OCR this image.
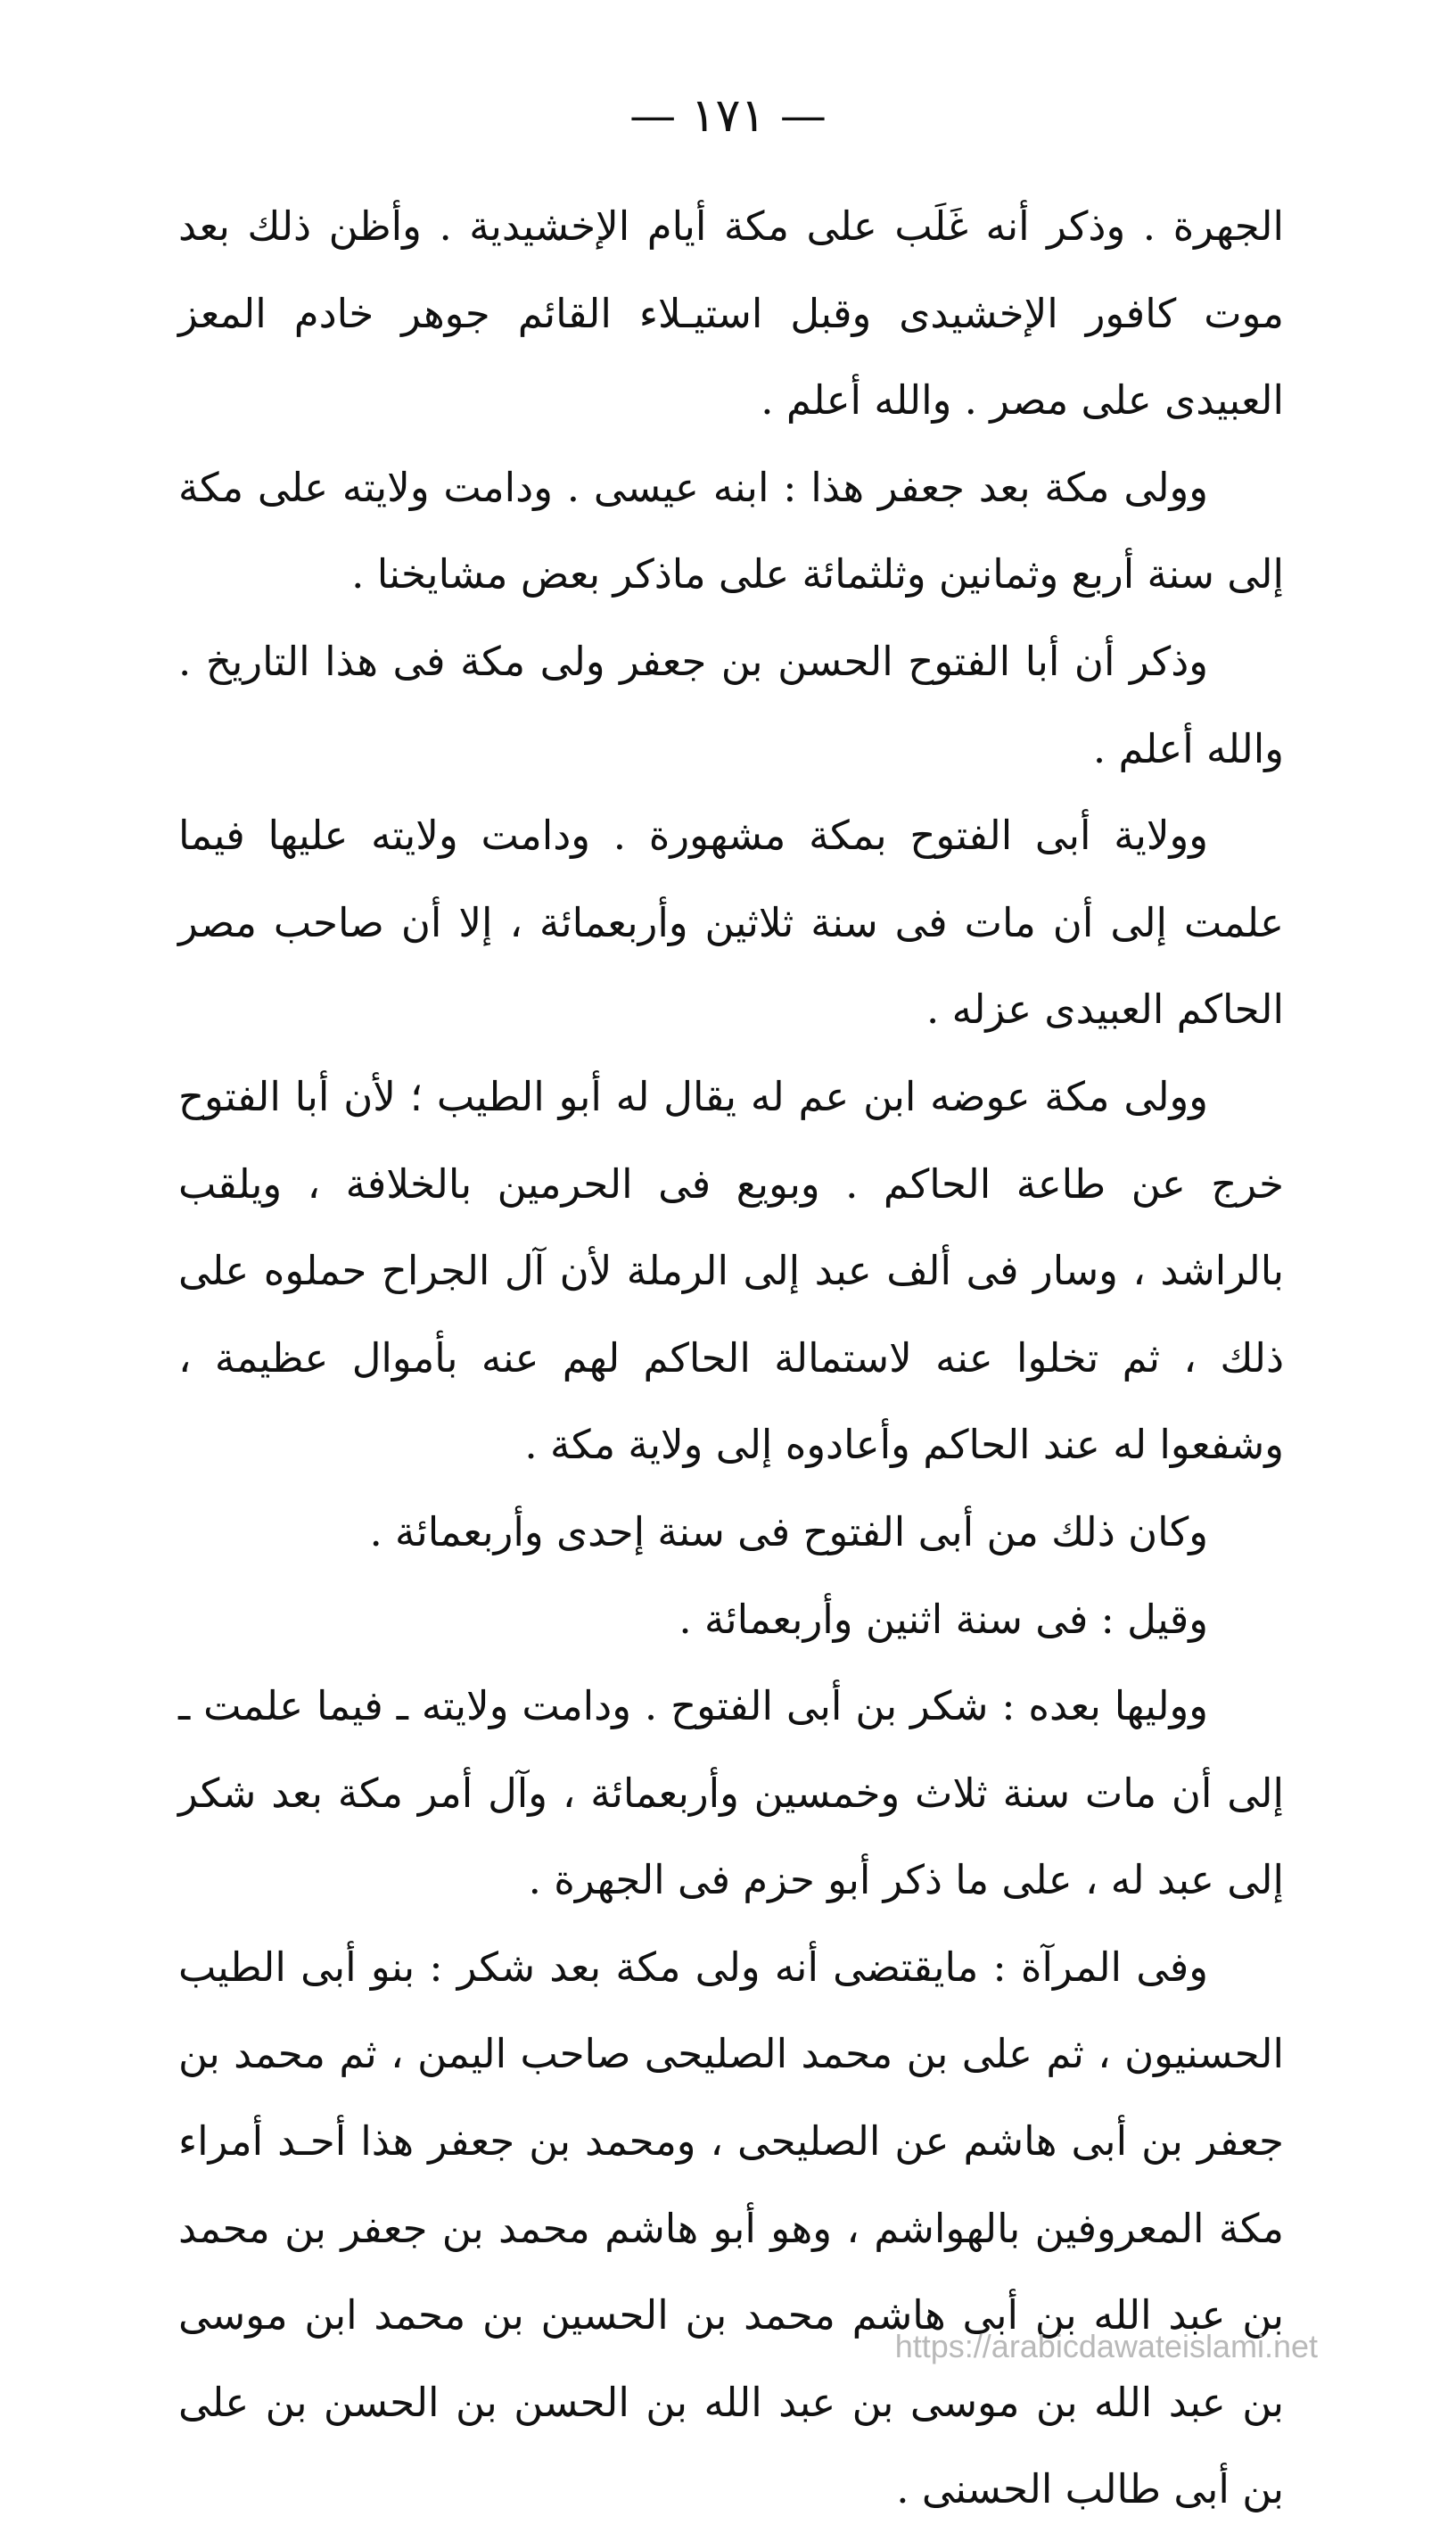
— ١٧١ —

الجهرة . وذكر أنه غَلَب على مكة أيام الإخشيدية . وأظن ذلك بعد موت كافور الإخشيدى وقبل استيـلاء القائم جوهر خادم المعز العبيدى على مصر . والله أعلم .

وولى مكة بعد جعفر هذا : ابنه عيسى . ودامت ولايته على مكة إلى سنة أربع وثمانين وثلثمائة على ماذكر بعض مشايخنا .

وذكر أن أبا الفتوح الحسن بن جعفر ولى مكة فى هذا التاريخ . والله أعلم .

وولاية أبى الفتوح بمكة مشهورة . ودامت ولايته عليها فيما علمت إلى أن مات فى سنة ثلاثين وأربعمائة ، إلا أن صاحب مصر الحاكم العبيدى عزله .

وولى مكة عوضه ابن عم له يقال له أبو الطيب ؛ لأن أبا الفتوح خرج عن طاعة الحاكم . وبويع فى الحرمين بالخلافة ، ويلقب بالراشد ، وسار فى ألف عبد إلى الرملة لأن آل الجراح حملوه على ذلك ، ثم تخلوا عنه لاستمالة الحاكم لهم عنه بأموال عظيمة ، وشفعوا له عند الحاكم وأعادوه إلى ولاية مكة .

وكان ذلك من أبى الفتوح فى سنة إحدى وأربعمائة .

وقيل : فى سنة اثنين وأربعمائة .

ووليها بعده : شكر بن أبى الفتوح . ودامت ولايته ـ فيما علمت ـ إلى أن مات سنة ثلاث وخمسين وأربعمائة ، وآل أمر مكة بعد شكر إلى عبد له ، على ما ذكر أبو حزم فى الجهرة .

وفى المرآة : مايقتضى أنه ولى مكة بعد شكر : بنو أبى الطيب الحسنيون ، ثم على بن محمد الصليحى صاحب اليمن ، ثم محمد بن جعفر بن أبى هاشم عن الصليحى ، ومحمد بن جعفر هذا أحـد أمراء مكة المعروفين بالهواشم ، وهو أبو هاشم محمد بن جعفر بن محمد بن عبد الله بن أبى هاشم محمد بن الحسين بن محمد ابن موسى بن عبد الله بن موسى بن عبد الله بن الحسن بن الحسن بن على بن أبى طالب الحسنى .

https://arabicdawateislami.net
